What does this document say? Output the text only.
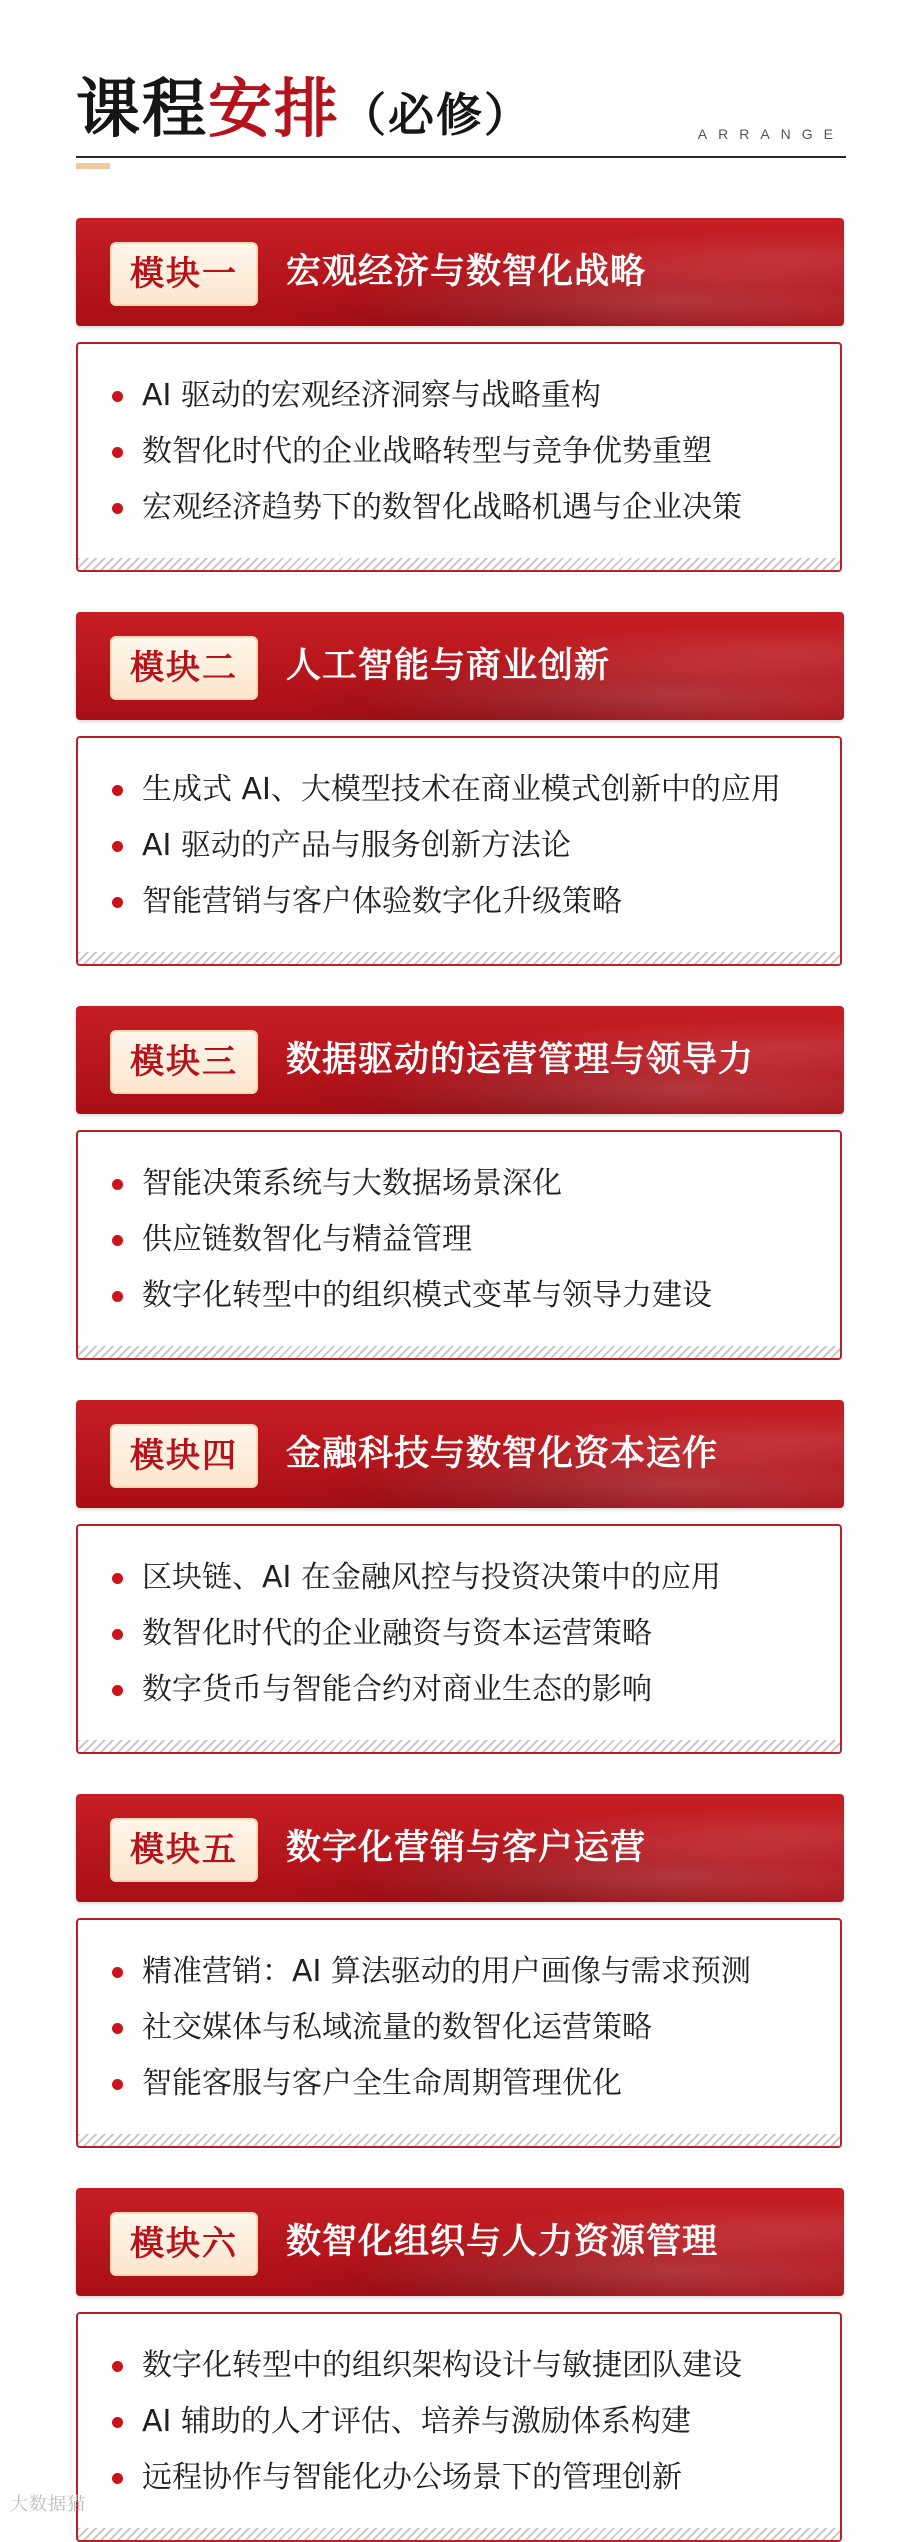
课程安排（必修）	ARRANGE
模块一	宏观经济与数智化战略
AI 驱动的宏观经济洞察与战略重构
数智化时代的企业战略转型与竞争优势重塑
宏观经济趋势下的数智化战略机遇与企业决策
模块二	人工智能与商业创新
生成式 AI、大模型技术在商业模式创新中的应用
AI 驱动的产品与服务创新方法论
智能营销与客户体验数字化升级策略
模块三	数据驱动的运营管理与领导力
智能决策系统与大数据场景深化
供应链数智化与精益管理
数字化转型中的组织模式变革与领导力建设
模块四	金融科技与数智化资本运作
区块链、AI 在金融风控与投资决策中的应用
数智化时代的企业融资与资本运营策略
数字货币与智能合约对商业生态的影响
模块五	数字化营销与客户运营
精准营销：AI 算法驱动的用户画像与需求预测
社交媒体与私域流量的数智化运营策略
智能客服与客户全生命周期管理优化
模块六	数智化组织与人力资源管理
数字化转型中的组织架构设计与敏捷团队建设
AI 辅助的人才评估、培养与激励体系构建
远程协作与智能化办公场景下的管理创新
大数据猫
